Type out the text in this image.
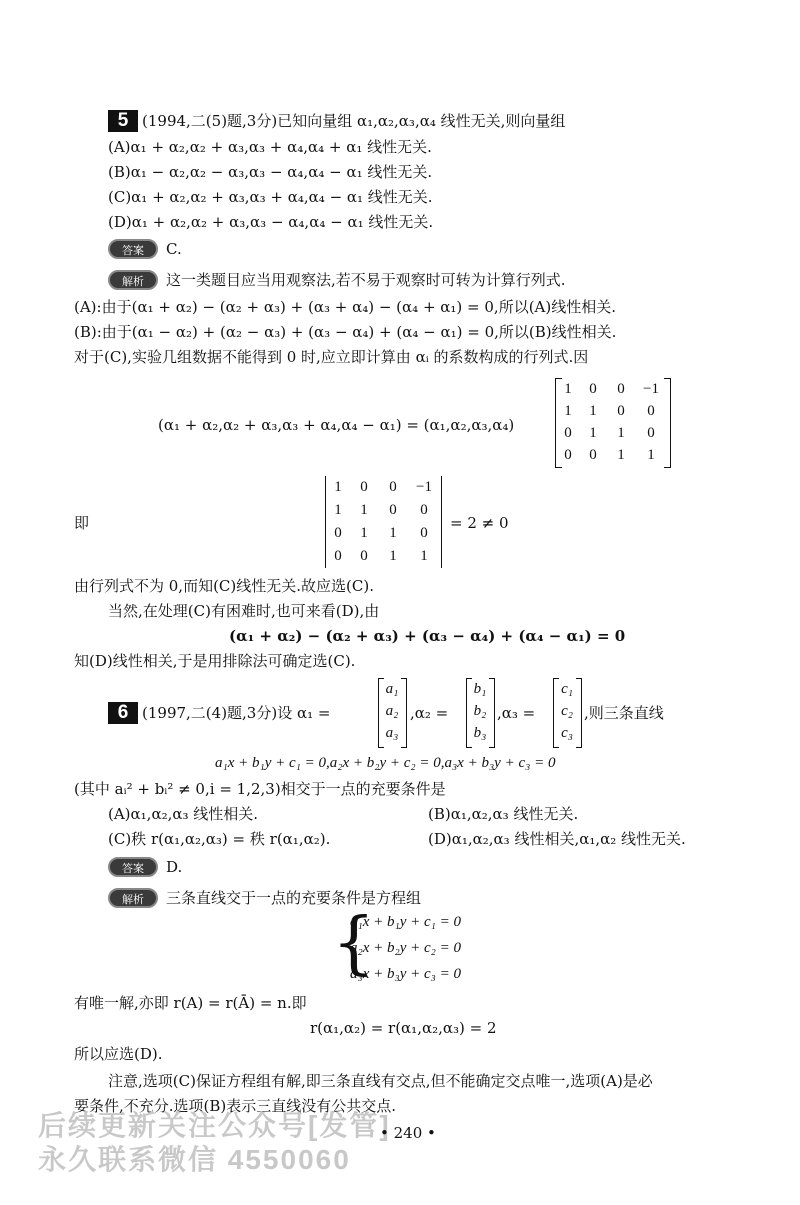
5 (1994,二(5)题,3分)已知向量组 α₁,α₂,α₃,α₄ 线性无关,则向量组
(A)α₁ + α₂,α₂ + α₃,α₃ + α₄,α₄ + α₁ 线性无关.
(B)α₁ − α₂,α₂ − α₃,α₃ − α₄,α₄ − α₁ 线性无关.
(C)α₁ + α₂,α₂ + α₃,α₃ + α₄,α₄ − α₁ 线性无关.
(D)α₁ + α₂,α₂ + α₃,α₃ − α₄,α₄ − α₁ 线性无关.
答案	C.
解析	这一类题目应当用观察法,若不易于观察时可转为计算行列式.
(A):由于(α₁ + α₂) − (α₂ + α₃) + (α₃ + α₄) − (α₄ + α₁) = 0,所以(A)线性相关.
(B):由于(α₁ − α₂) + (α₂ − α₃) + (α₃ − α₄) + (α₄ − α₁) = 0,所以(B)线性相关.
对于(C),实验几组数据不能得到 0 时,应立即计算由 αᵢ 的系数构成的行列式.因
(α₁ + α₂,α₂ + α₃,α₃ + α₄,α₄ − α₁) = (α₁,α₂,α₃,α₄)
1	0	0	−1
1	1	0	0
0	1	1	0
0	0	1	1
即
1	0	0	−1
1	1	0	0
0	1	1	0
0	0	1	1
= 2 ≠ 0
由行列式不为 0,而知(C)线性无关.故应选(C).
当然,在处理(C)有困难时,也可来看(D),由
(α₁ + α₂) − (α₂ + α₃) + (α₃ − α₄) + (α₄ − α₁) = 0
知(D)线性相关,于是用排除法可确定选(C).
6 (1997,二(4)题,3分)设 α₁ =
a₁
a₂
a₃
,α₂ =
b₁
b₂
b₃
,α₃ =
c₁
c₂
c₃
,则三条直线
a₁x + b₁y + c₁ = 0,a₂x + b₂y + c₂ = 0,a₃x + b₃y + c₃ = 0
(其中 aᵢ² + bᵢ² ≠ 0,i = 1,2,3)相交于一点的充要条件是
(A)α₁,α₂,α₃ 线性相关.	(B)α₁,α₂,α₃ 线性无关.
(C)秩 r(α₁,α₂,α₃) = 秩 r(α₁,α₂).	(D)α₁,α₂,α₃ 线性相关,α₁,α₂ 线性无关.
答案	D.
解析	三条直线交于一点的充要条件是方程组
{
a₁x + b₁y + c₁ = 0
a₂x + b₂y + c₂ = 0
a₃x + b₃y + c₃ = 0
有唯一解,亦即 r(A) = r(Ā) = n.即
r(α₁,α₂) = r(α₁,α₂,α₃) = 2
所以应选(D).
注意,选项(C)保证方程组有解,即三条直线有交点,但不能确定交点唯一,选项(A)是必
要条件,不充分.选项(B)表示三直线没有公共交点.
后续更新关注公众号[发管]
• 240 •
永久联系微信 4550060
